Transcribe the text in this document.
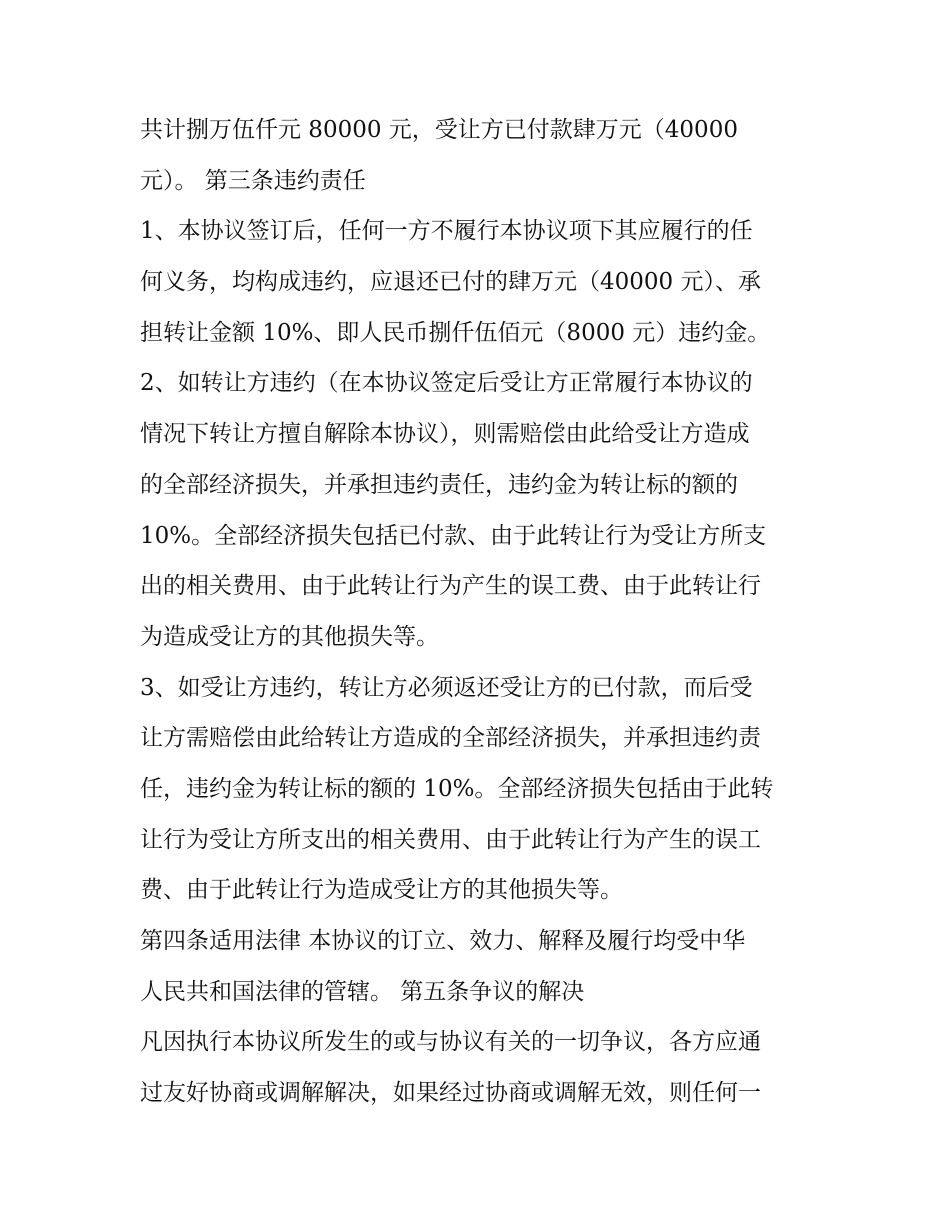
共计捌万伍仟元 80000 元，受让方已付款肆万元（40000
元）。 第三条违约责任
1、本协议签订后，任何一方不履行本协议项下其应履行的任
何义务，均构成违约，应退还已付的肆万元（40000 元）、承
担转让金额 10%、即人民币捌仟伍佰元（8000 元）违约金。
2、如转让方违约（在本协议签定后受让方正常履行本协议的
情况下转让方擅自解除本协议），则需赔偿由此给受让方造成
的全部经济损失，并承担违约责任，违约金为转让标的额的
10%。全部经济损失包括已付款、由于此转让行为受让方所支
出的相关费用、由于此转让行为产生的误工费、由于此转让行
为造成受让方的其他损失等。
3、如受让方违约，转让方必须返还受让方的已付款，而后受
让方需赔偿由此给转让方造成的全部经济损失，并承担违约责
任，违约金为转让标的额的 10%。全部经济损失包括由于此转
让行为受让方所支出的相关费用、由于此转让行为产生的误工
费、由于此转让行为造成受让方的其他损失等。
第四条适用法律 本协议的订立、效力、解释及履行均受中华
人民共和国法律的管辖。 第五条争议的解决
凡因执行本协议所发生的或与协议有关的一切争议，各方应通
过友好协商或调解解决，如果经过协商或调解无效，则任何一
